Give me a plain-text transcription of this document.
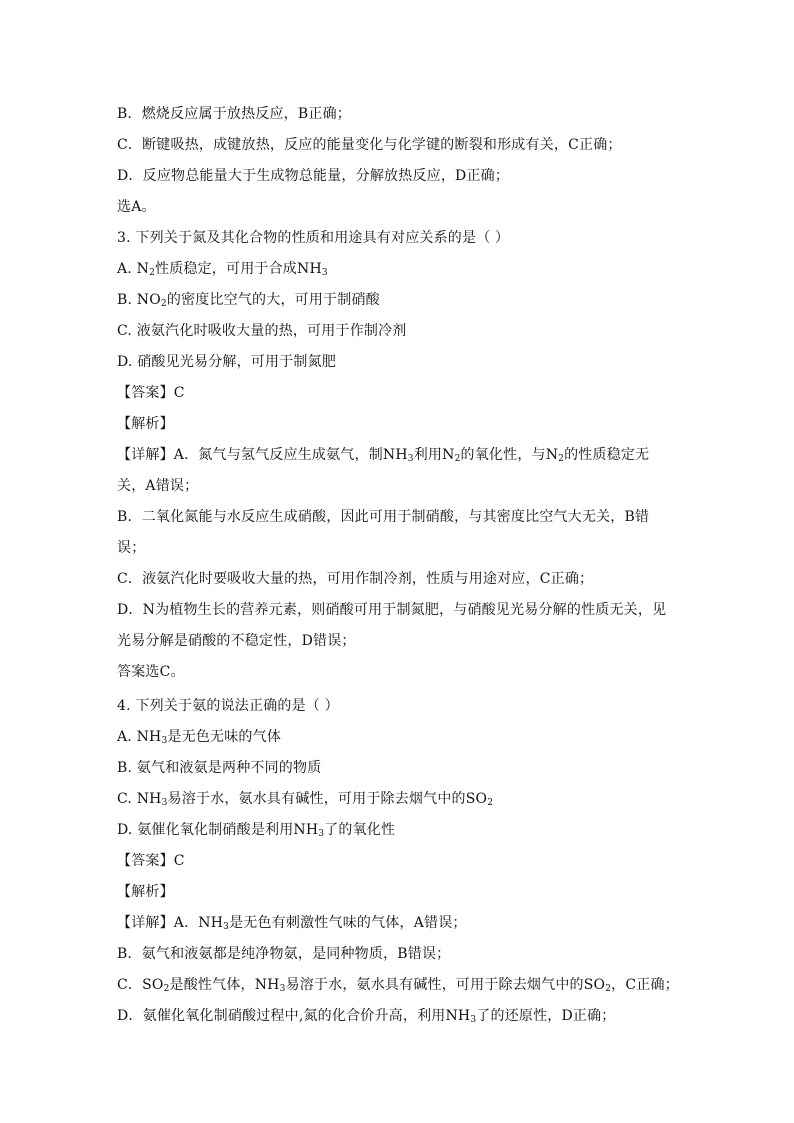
B．燃烧反应属于放热反应，B正确；
C．断键吸热，成键放热，反应的能量变化与化学键的断裂和形成有关，C正确；
D．反应物总能量大于生成物总能量，分解放热反应，D正确；
选A。
3. 下列关于氮及其化合物的性质和用途具有对应关系的是（ ）
A. $N_2$性质稳定，可用于合成$NH_3$
B. $NO_2$的密度比空气的大，可用于制硝酸
C. 液氨汽化时吸收大量的热，可用于作制冷剂
D. 硝酸见光易分解，可用于制氮肥
【答案】C
【解析】
【详解】A．氮气与氢气反应生成氨气，制$NH_3$利用$N_2$的氧化性，与$N_2$的性质稳定无
关，A错误；
B．二氧化氮能与水反应生成硝酸，因此可用于制硝酸，与其密度比空气大无关，B错
误；
C．液氨汽化时要吸收大量的热，可用作制冷剂，性质与用途对应，C正确；
D．N为植物生长的营养元素，则硝酸可用于制氮肥，与硝酸见光易分解的性质无关，见
光易分解是硝酸的不稳定性，D错误；
答案选C。
4. 下列关于氨的说法正确的是（ ）
A. $NH_3$是无色无味的气体
B. 氨气和液氨是两种不同的物质
C. $NH_3$易溶于水，氨水具有碱性，可用于除去烟气中的$SO_2$
D. 氨催化氧化制硝酸是利用$NH_3$了的氧化性
【答案】C
【解析】
【详解】A．$NH_3$是无色有刺激性气味的气体，A错误；
B．氨气和液氨都是纯净物氨，是同种物质，B错误；
C．$SO_2$是酸性气体，$NH_3$易溶于水，氨水具有碱性，可用于除去烟气中的$SO_2$，C正确；
D．氨催化氧化制硝酸过程中,氮的化合价升高，利用$NH_3$了的还原性，D正确；
